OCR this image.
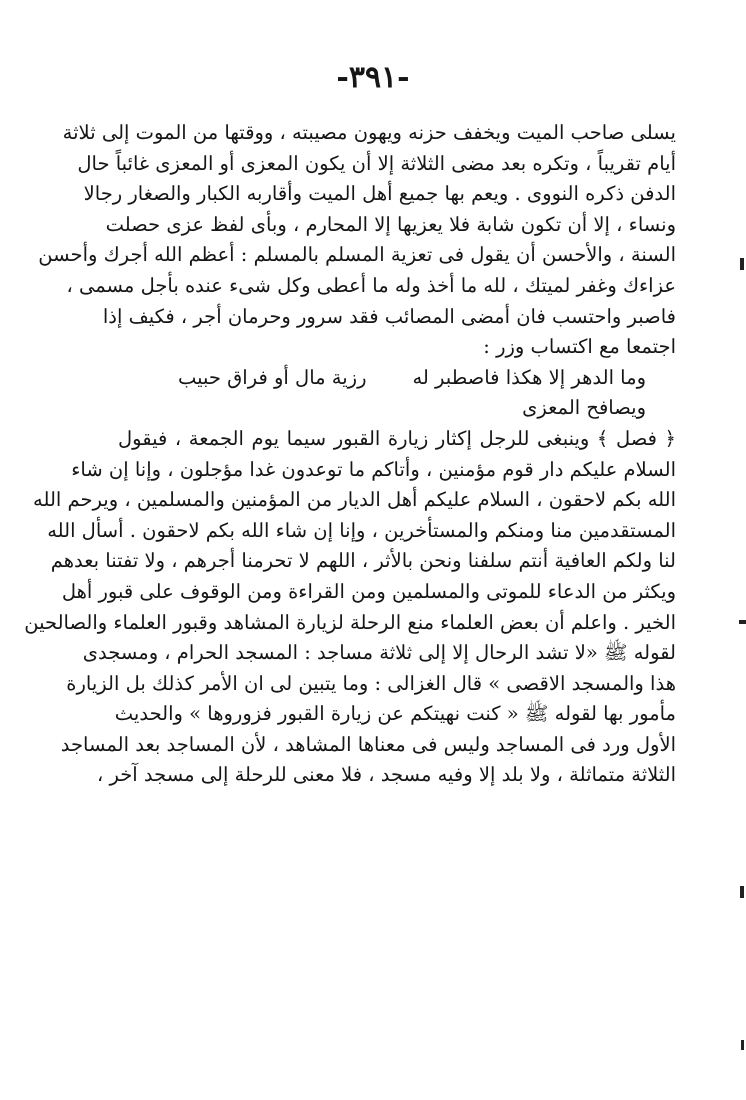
-٣٩١-
يسلى صاحب الميت ويخفف حزنه ويهون مصيبته ، ووقتها من الموت إلى ثلاثة
أيام تقريباً ، وتكره بعد مضى الثلاثة إلا أن يكون المعزى أو المعزى غائباً حال
الدفن ذكره النووى . ويعم بها جميع أهل الميت وأقاربه الكبار والصغار رجالا
ونساء ، إلا أن تكون شابة فلا يعزيها إلا المحارم ، وبأى لفظ عزى حصلت
السنة ، والأحسن أن يقول فى تعزية المسلم بالمسلم : أعظم الله أجرك وأحسن
عزاءك وغفر لميتك ، لله ما أخذ وله ما أعطى وكل شىء عنده بأجل مسمى ،
فاصبر واحتسب فان أمضى المصائب فقد سرور وحرمان أجر ، فكيف إذا
اجتمعا مع اكتساب وزر :
وما الدهر إلا هكذا فاصطبر له
رزية مال أو فراق حبيب
ويصافح المعزى
﴿ فصل ﴾ وينبغى للرجل إكثار زيارة القبور سيما يوم الجمعة ، فيقول
السلام عليكم دار قوم مؤمنين ، وأتاكم ما توعدون غدا مؤجلون ، وإنا إن شاء
الله بكم لاحقون ، السلام عليكم أهل الديار من المؤمنين والمسلمين ، ويرحم الله
المستقدمين منا ومنكم والمستأخرين ، وإنا إن شاء الله بكم لاحقون . أسأل الله
لنا ولكم العافية أنتم سلفنا ونحن بالأثر ، اللهم لا تحرمنا أجرهم ، ولا تفتنا بعدهم
ويكثر من الدعاء للموتى والمسلمين ومن القراءة ومن الوقوف على قبور أهل
الخير . واعلم أن بعض العلماء منع الرحلة لزيارة المشاهد وقبور العلماء والصالحين
لقوله ﷺ «لا تشد الرحال إلا إلى ثلاثة مساجد : المسجد الحرام ، ومسجدى
هذا والمسجد الاقصى » قال الغزالى : وما يتبين لى ان الأمر كذلك بل الزيارة
مأمور بها لقوله ﷺ « كنت نهيتكم عن زيارة القبور فزوروها » والحديث
الأول ورد فى المساجد وليس فى معناها المشاهد ، لأن المساجد بعد المساجد
الثلاثة متماثلة ، ولا بلد إلا وفيه مسجد ، فلا معنى للرحلة إلى مسجد آخر ،
